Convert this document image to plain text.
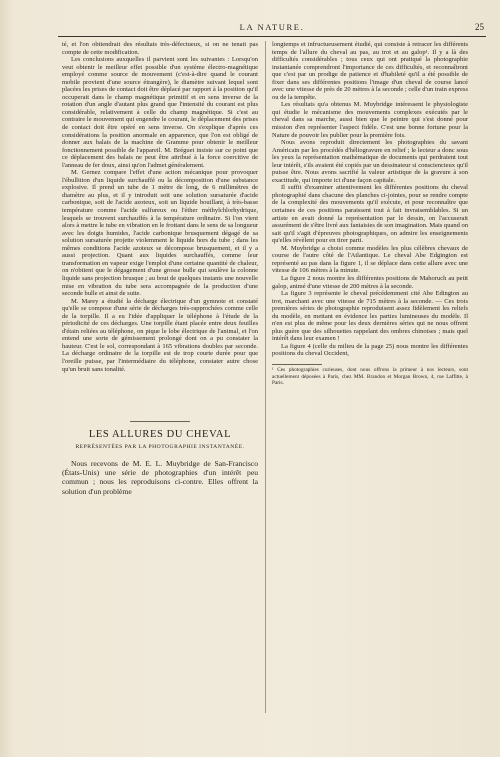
LA NATURE.	25

té, et l'on obtiendrait des résultats très-défectueux, si on ne tenait pas compte de cette modification.

Les conclusions auxquelles il parvient sont les suivantes : Lorsqu'on veut obtenir le meilleur effet possible d'un système électro-magnétique employé comme source de mouvement (c'est-à-dire quand le courant mobile provient d'une source étrangère), le diamètre suivant lequel sont placées les prises de contact doit être déplacé par rapport à la position qu'il occuperait dans le champ magnétique primitif et en sens inverse de la rotation d'un angle d'autant plus grand que l'intensité du courant est plus considérable, relativement à celle du champ magnétique. Si c'est au contraire le mouvement qui engendre le courant, le déplacement des prises de contact doit être opéré en sens inverse. On s'explique d'après ces considérations la position anormale en apparence, que l'on est obligé de donner aux balais de la machine de Gramme pour obtenir le meilleur fonctionnement possible de l'appareil. M. Bréguet insiste sur ce point que ce déplacement des balais ne peut être attribué à la force coercitive de l'anneau de fer doux, ainsi qu'on l'admet généralement.

M. Gernez compare l'effet d'une action mécanique pour provoquer l'ébullition d'un liquide surchauffé ou la décomposition d'une substance explosive. Il prend un tube de 1 mètre de long, de 6 millimètres de diamètre au plus, et il y introduit soit une solution sursaturée d'acide carbonique, soit de l'acide azoteux, soit un liquide bouillant, à très-basse température comme l'acide sulfureux ou l'éther méthylchlorhydrique, lesquels se trouvent surchauffés à la température ordinaire. Si l'on vient alors à mettre le tube en vibration en le frottant dans le sens de sa longueur avec les doigts humides, l'acide carbonique brusquement dégagé de sa solution sursaturée projette violemment le liquide hors du tube ; dans les mêmes conditions l'acide azoteux se décompose brusquement, et il y a aussi projection. Quant aux liquides surchauffés, comme leur transformation en vapeur exige l'emploi d'une certaine quantité de chaleur, on n'obtient que le dégagement d'une grosse bulle qui soulève la colonne liquide sans projection brusque ; au bout de quelques instants une nouvelle mise en vibration du tube sera accompagnée de la production d'une seconde bulle et ainsi de suite.

M. Marey a étudié la décharge électrique d'un gymnote et constaté qu'elle se compose d'une série de décharges très-rapprochées comme celle de la torpille. Il a eu l'idée d'appliquer le téléphone à l'étude de la périodicité de ces décharges. Une torpille étant placée entre deux feuilles d'étain reliées au téléphone, on pique le lobe électrique de l'animal, et l'on entend une sorte de gémissement prolongé dont on a pu constater la hauteur. C'est le sol, correspondant à 165 vibrations doubles par seconde. La décharge ordinaire de la torpille est de trop courte durée pour que l'oreille puisse, par l'intermédiaire du téléphone, constater autre chose qu'un bruit sans tonalité.

LES ALLURES DU CHEVAL
REPRÉSENTÉES PAR LA PHOTOGRAPHIE INSTANTANÉE.

Nous recevons de M. E. L. Muybridge de San-Francisco (États-Unis) une série de photographies d'un intérêt peu commun ; nous les reproduisons ci-contre. Elles offrent la solution d'un problème

longtemps et infructueusement étudié, qui consiste à retracer les différents temps de l'allure du cheval au pas, au trot et au galop¹. Il y a là des difficultés considérables ; tous ceux qui ont pratiqué la photographie instantanée comprendront l'importance de ces difficultés, et reconnaîtront que c'est par un prodige de patience et d'habileté qu'il a été possible de fixer dans ses différentes positions l'image d'un cheval de course lancé avec une vitesse de près de 20 mètres à la seconde ; celle d'un train express ou de la tempête.

Les résultats qu'a obtenus M. Muybridge intéressent le physiologiste qui étudie le mécanisme des mouvements complexes exécutés par le cheval dans sa marche, aussi bien que le peintre qui s'est donné pour mission d'en représenter l'aspect fidèle. C'est une bonne fortune pour la Nature de pouvoir les publier pour la première fois.

Nous avons reproduit directement les photographies du savant Américain par les procédés d'héliogravure en relief ; le lecteur a donc sous les yeux la représentation mathématique de documents qui perdraient tout leur intérêt, s'ils avaient été copiés par un dessinateur si consciencieux qu'il puisse être. Nous avons sacrifié la valeur artistique de la gravure à son exactitude, qui importe ici d'une façon capitale.

Il suffit d'examiner attentivement les différentes positions du cheval photographié dans chacune des planches ci-jointes, pour se rendre compte de la complexité des mouvements qu'il exécute, et pour reconnaître que certaines de ces positions paraissent tout à fait invraisemblables. Si un artiste en avait donné la représentation par le dessin, on l'accuserait assurément de s'être livré aux fantaisies de son imagination. Mais quand on sait qu'il s'agit d'épreuves photographiques, on admire les enseignements qu'elles révèlent pour en tirer parti.

M. Muybridge a choisi comme modèles les plus célèbres chevaux de course de l'autre côté de l'Atlantique. Le cheval Abe Edgington est représenté au pas dans la figure 1, il se déplace dans cette allure avec une vitesse de 106 mètres à la minute.

La figure 2 nous montre les différentes positions de Mahoruch au petit galop, animé d'une vitesse de 200 mètres à la seconde.

La figure 3 représente le cheval précédemment cité Abe Edington au trot, marchant avec une vitesse de 715 mètres à la seconde. — Ces trois premières séries de photographie reproduisent assez fidèlement les reliefs du modèle, en mettant en évidence les parties lumineuses du modèle. Il n'en est plus de même pour les deux dernières séries qui ne nous offrent plus guère que des silhouettes rappelant des ombres chinoises ; mais quel intérêt dans leur examen !

La figure 4 (celle du milieu de la page 25) nous montre les différentes positions du cheval Occident,

¹ Ces photographies curieuses, dont nous offrons la primeur à nos lecteurs, sont actuellement déposées à Paris, chez MM. Brandon et Morgan Brown, 4, rue Laffitte, à Paris.
